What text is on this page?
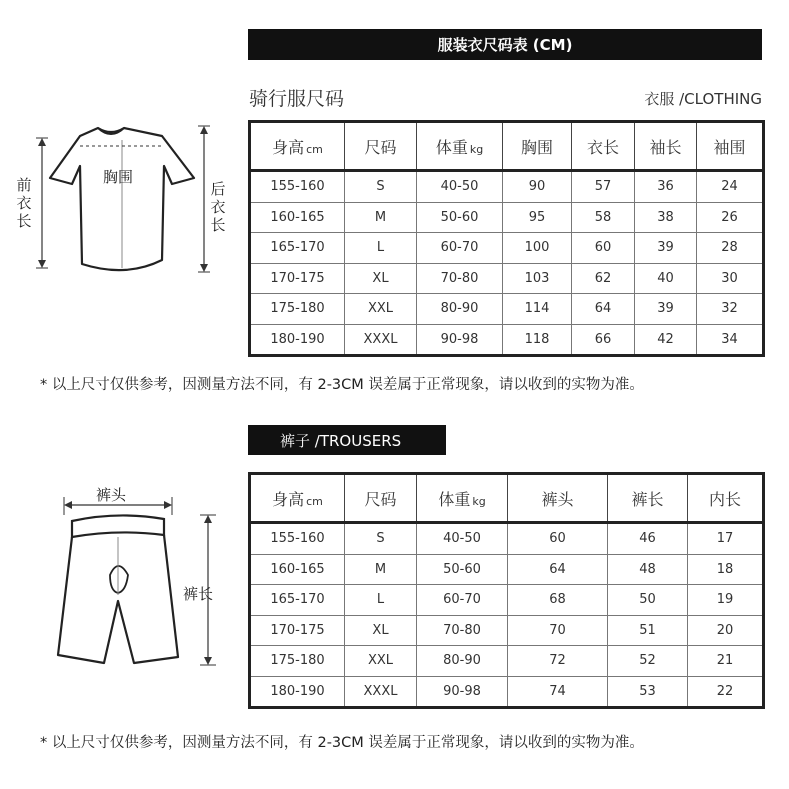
服装衣尺码表 (CM)
骑行服尺码	衣服 /CLOTHING
胸围
前
衣
长
后
衣
长
身高 cm	尺码	体重 kg	胸围	衣长	袖长	袖围
155-160	S	40-50	90	57	36	24
160-165	M	50-60	95	58	38	26
165-170	L	60-70	100	60	39	28
170-175	XL	70-80	103	62	40	30
175-180	XXL	80-90	114	64	39	32
180-190	XXXL	90-98	118	66	42	34
* 以上尺寸仅供参考，因测量方法不同，有 2-3CM 误差属于正常现象，请以收到的实物为准。
裤子 /TROUSERS
裤头
裤长
身高 cm	尺码	体重 kg	裤头	裤长	内长
155-160	S	40-50	60	46	17
160-165	M	50-60	64	48	18
165-170	L	60-70	68	50	19
170-175	XL	70-80	70	51	20
175-180	XXL	80-90	72	52	21
180-190	XXXL	90-98	74	53	22
* 以上尺寸仅供参考，因测量方法不同，有 2-3CM 误差属于正常现象，请以收到的实物为准。
